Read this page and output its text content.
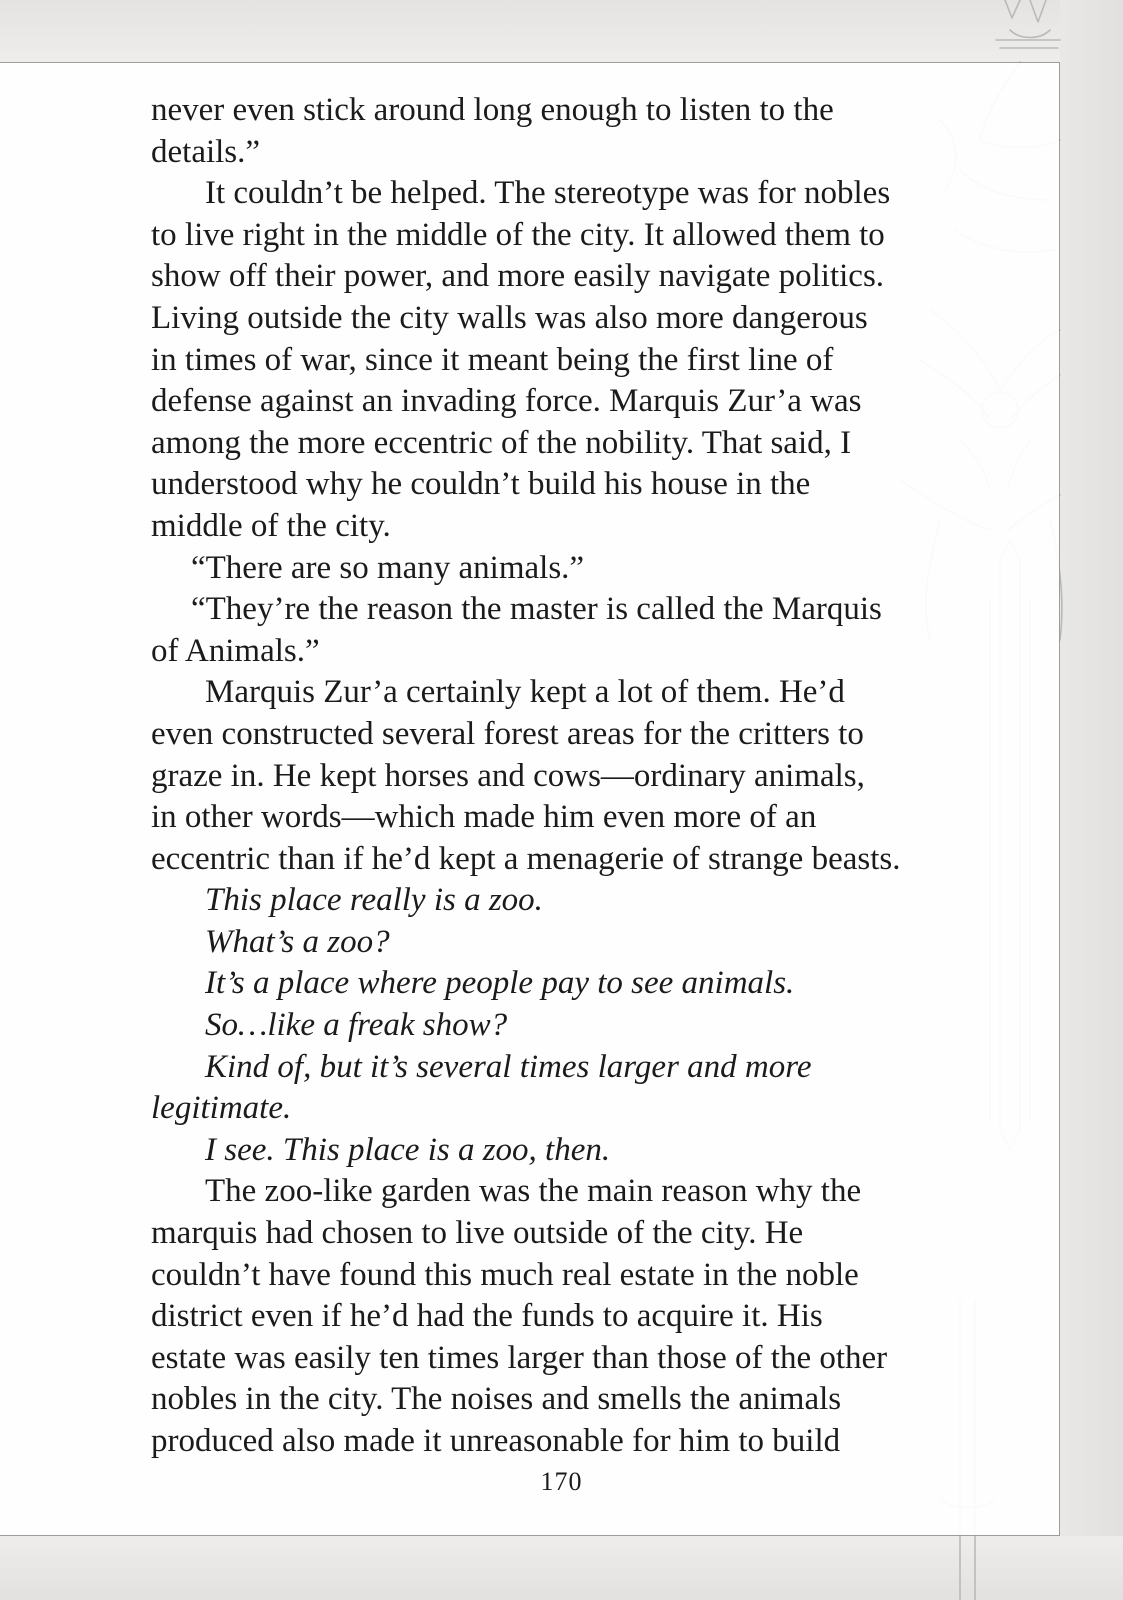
never even stick around long enough to listen to the
details.”

It couldn’t be helped. The stereotype was for nobles
to live right in the middle of the city. It allowed them to
show off their power, and more easily navigate politics.
Living outside the city walls was also more dangerous
in times of war, since it meant being the first line of
defense against an invading force. Marquis Zur’a was
among the more eccentric of the nobility. That said, I
understood why he couldn’t build his house in the
middle of the city.

“There are so many animals.”

“They’re the reason the master is called the Marquis
of Animals.”

Marquis Zur’a certainly kept a lot of them. He’d
even constructed several forest areas for the critters to
graze in. He kept horses and cows—ordinary animals,
in other words—which made him even more of an
eccentric than if he’d kept a menagerie of strange beasts.

This place really is a zoo.

What’s a zoo?

It’s a place where people pay to see animals.

So…like a freak show?

Kind of, but it’s several times larger and more
legitimate.

I see. This place is a zoo, then.

The zoo-like garden was the main reason why the
marquis had chosen to live outside of the city. He
couldn’t have found this much real estate in the noble
district even if he’d had the funds to acquire it. His
estate was easily ten times larger than those of the other
nobles in the city. The noises and smells the animals
produced also made it unreasonable for him to build

170
